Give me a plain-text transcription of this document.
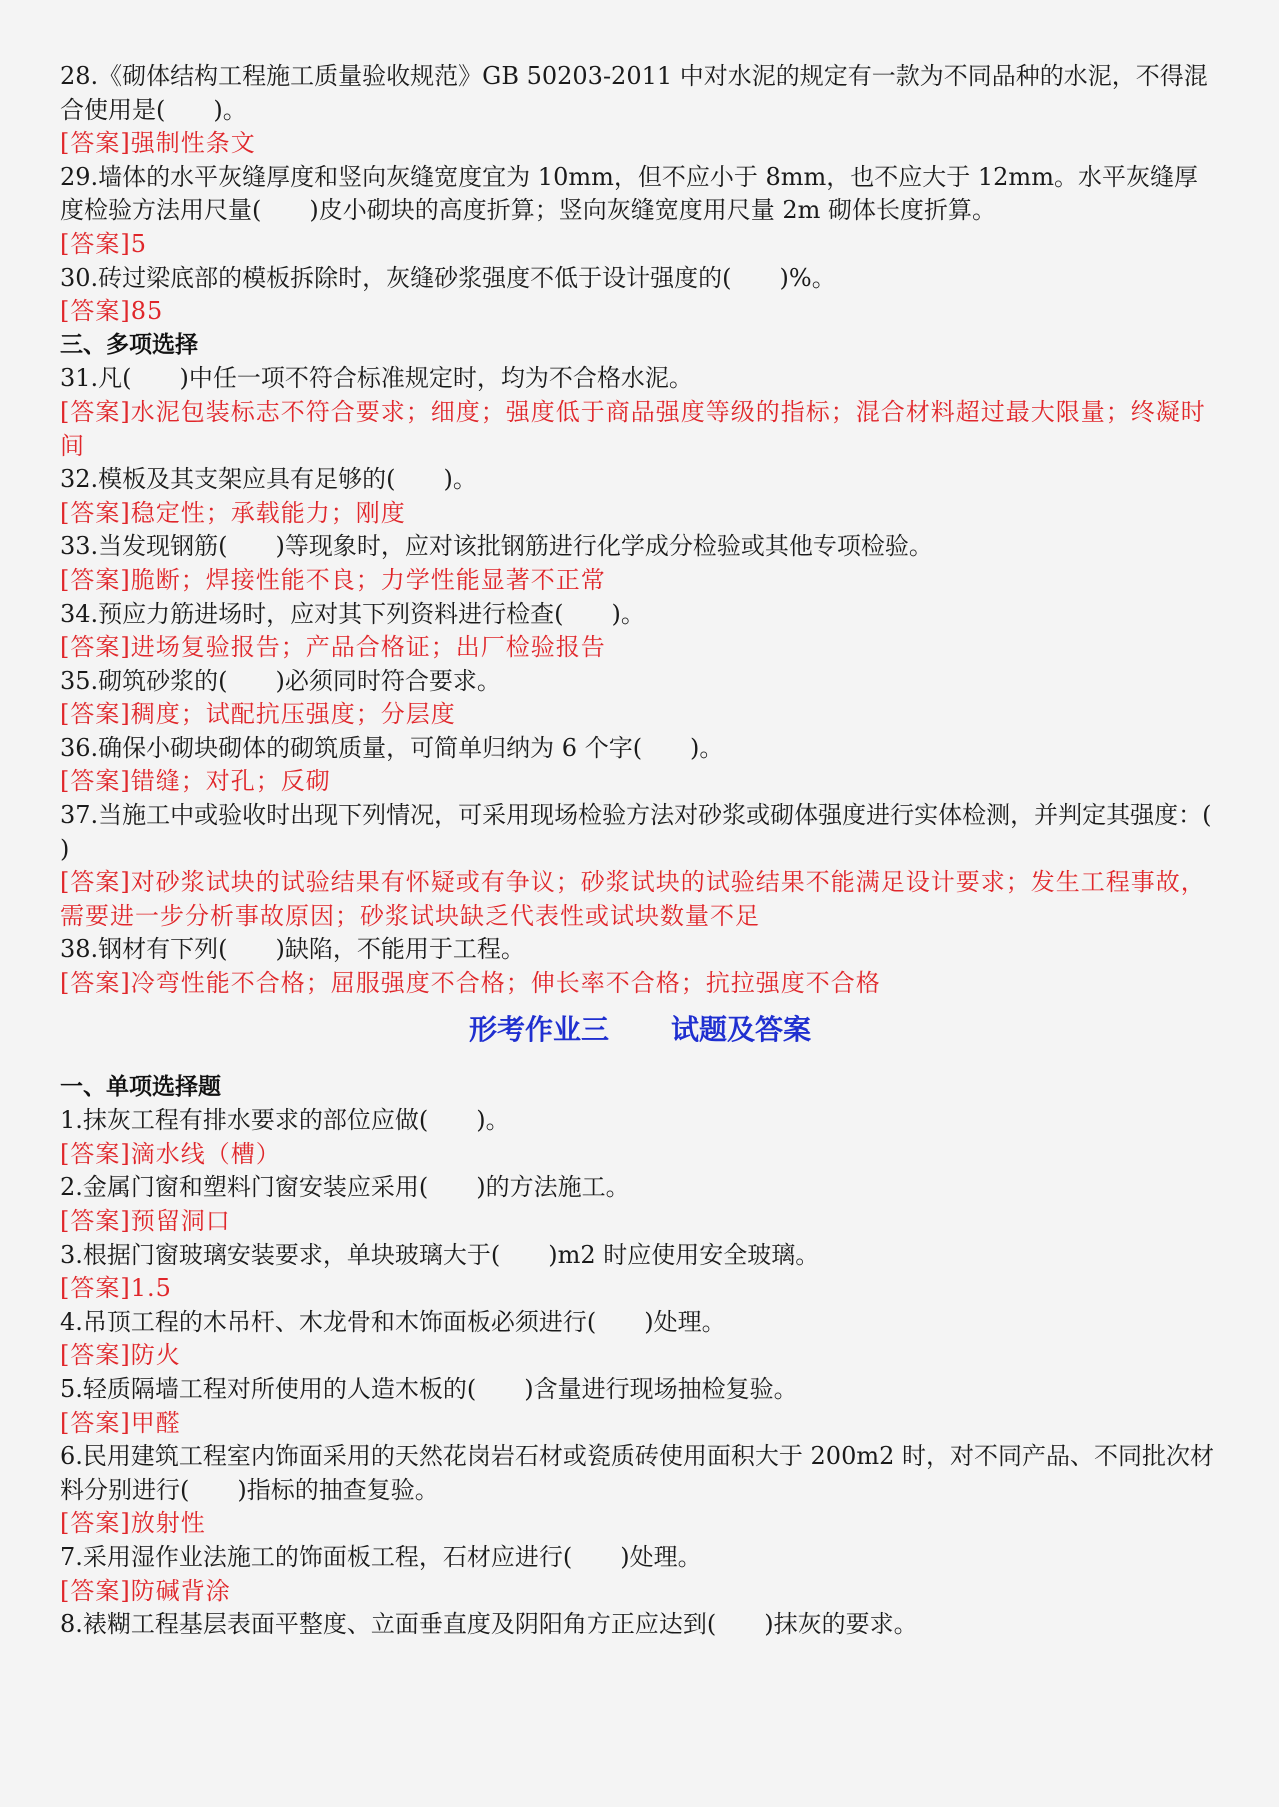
28.《砌体结构工程施工质量验收规范》GB 50203-2011 中对水泥的规定有一款为不同品种的水泥，不得混合使用是(　　)。

[答案]强制性条文

29.墙体的水平灰缝厚度和竖向灰缝宽度宜为 10mm，但不应小于 8mm，也不应大于 12mm。水平灰缝厚度检验方法用尺量(　　)皮小砌块的高度折算；竖向灰缝宽度用尺量 2m 砌体长度折算。

[答案]5

30.砖过梁底部的模板拆除时，灰缝砂浆强度不低于设计强度的(　　)%。

[答案]85

三、多项选择

31.凡(　　)中任一项不符合标准规定时，均为不合格水泥。

[答案]水泥包装标志不符合要求；细度；强度低于商品强度等级的指标；混合材料超过最大限量；终凝时间

32.模板及其支架应具有足够的(　　)。

[答案]稳定性；承载能力；刚度

33.当发现钢筋(　　)等现象时，应对该批钢筋进行化学成分检验或其他专项检验。

[答案]脆断；焊接性能不良；力学性能显著不正常

34.预应力筋进场时，应对其下列资料进行检查(　　)。

[答案]进场复验报告；产品合格证；出厂检验报告

35.砌筑砂浆的(　　)必须同时符合要求。

[答案]稠度；试配抗压强度；分层度

36.确保小砌块砌体的砌筑质量，可简单归纳为 6 个字(　　)。

[答案]错缝；对孔；反砌

37.当施工中或验收时出现下列情况，可采用现场检验方法对砂浆或砌体强度进行实体检测，并判定其强度：(　　)

[答案]对砂浆试块的试验结果有怀疑或有争议；砂浆试块的试验结果不能满足设计要求；发生工程事故，需要进一步分析事故原因；砂浆试块缺乏代表性或试块数量不足

38.钢材有下列(　　)缺陷，不能用于工程。

[答案]冷弯性能不合格；屈服强度不合格；伸长率不合格；抗拉强度不合格

形考作业三 试题及答案

一、单项选择题

1.抹灰工程有排水要求的部位应做(　　)。

[答案]滴水线（槽）

2.金属门窗和塑料门窗安装应采用(　　)的方法施工。

[答案]预留洞口

3.根据门窗玻璃安装要求，单块玻璃大于(　　)m2 时应使用安全玻璃。

[答案]1.5

4.吊顶工程的木吊杆、木龙骨和木饰面板必须进行(　　)处理。

[答案]防火

5.轻质隔墙工程对所使用的人造木板的(　　)含量进行现场抽检复验。

[答案]甲醛

6.民用建筑工程室内饰面采用的天然花岗岩石材或瓷质砖使用面积大于 200m2 时，对不同产品、不同批次材料分别进行(　　)指标的抽查复验。

[答案]放射性

7.采用湿作业法施工的饰面板工程，石材应进行(　　)处理。

[答案]防碱背涂

8.裱糊工程基层表面平整度、立面垂直度及阴阳角方正应达到(　　)抹灰的要求。
